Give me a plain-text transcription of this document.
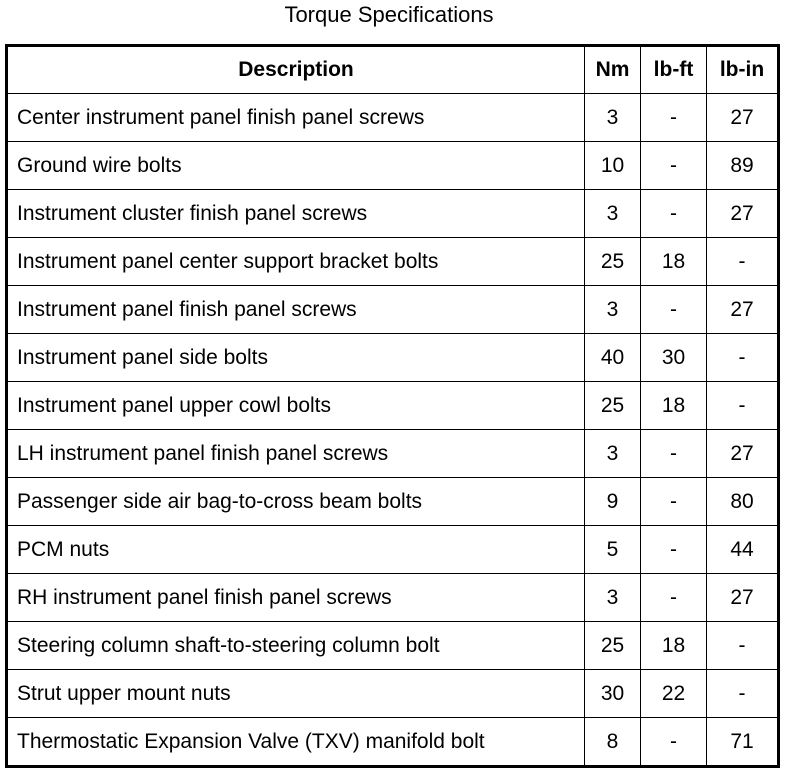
Torque Specifications
Description	Nm	lb-ft	lb-in
Center instrument panel finish panel screws	3	-	27
Ground wire bolts	10	-	89
Instrument cluster finish panel screws	3	-	27
Instrument panel center support bracket bolts	25	18	-
Instrument panel finish panel screws	3	-	27
Instrument panel side bolts	40	30	-
Instrument panel upper cowl bolts	25	18	-
LH instrument panel finish panel screws	3	-	27
Passenger side air bag-to-cross beam bolts	9	-	80
PCM nuts	5	-	44
RH instrument panel finish panel screws	3	-	27
Steering column shaft-to-steering column bolt	25	18	-
Strut upper mount nuts	30	22	-
Thermostatic Expansion Valve (TXV) manifold bolt	8	-	71
